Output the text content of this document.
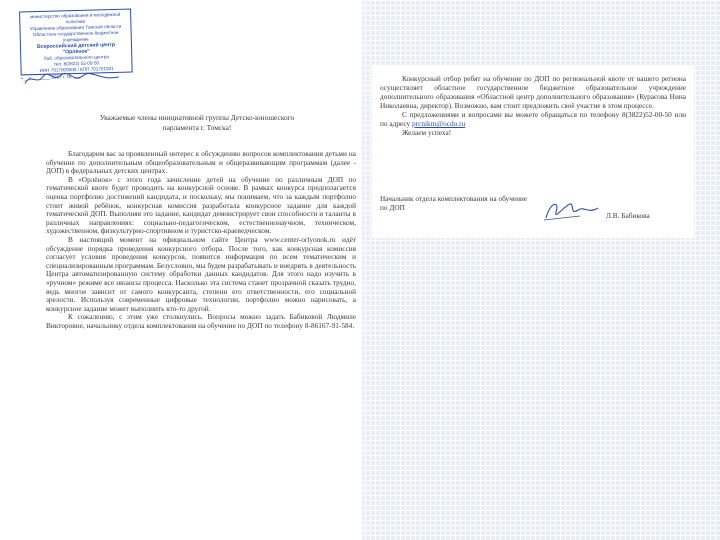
министерство образования и молодежной политики
Управление образования Томской области
Областное государственное бюджетное учреждение
Всероссийский детский центр
"Орлёнок"
Лаб. образовательного центра
тел. 8(3822) 52-00-50
ИНН 7017000000 / КПП 701701001
«__» _______ 2017 г. № ___
Уважаемые члены инициативной группы Детско-юношеского парламента г. Томска!

Благодарим вас за проявленный интерес к обсуждению вопросов комплектования детьми на обучение по дополнительным общеобразовательным и общеразвивающим программам (далее - ДОП) в федеральных детских центрах.

В «Орлёнок» с этого года зачисление детей на обучение по различным ДОП по тематической квоте будет проводить на конкурсной основе. В рамках конкурса предполагается оценка портфолио достижений кандидата, и поскольку, мы понимаем, что за каждым портфолио стоит живой ребёнок, конкурсная комиссия разработала конкурсное задание для каждой тематической ДОП. Выполняя это задание, кандидат демонстрирует свои способности и таланты в различных направлениях: социально-педагогическом, естественнонаучном, техническом, художественном, физкультурно-спортивном и туристско-краеведческом.

В настоящий момент на официальном сайте Центра www.center-orlyonok.ru идёт обсуждение порядка проведения конкурсного отбора. После того, как конкурсная комиссия согласует условия проведения конкурсов, появится информация по всем тематическим и специализированным программам. Безусловно, мы будем разрабатывать и внедрять в деятельность Центра автоматизированную систему обработки данных кандидатов. Для этого надо изучить в «ручном» режиме все нюансы процесса. Насколько эта система станет прозрачной сказать трудно, ведь многое зависит от самого конкурсанта, степени его ответственности, его социальной зрелости. Используя современные цифровые технологии, портфолио можно нарисовать, а конкурсное задание может выполнить кто-то другой.

К сожалению, с этим уже столкнулись. Вопросы можно задать Бабиковой Людмиле Викторовне, начальнику отдела комплектования на обучение по ДОП по телефону 8-86167-91-584.

Конкурсный отбор ребят на обучение по ДОП по региональной квоте от вашего региона осуществляет областное государственное бюджетное образовательное учреждение дополнительного образования «Областной центр дополнительного образования» (Кураєова Нина Николаевна, директор). Возможно, вам стоит предложить своё участие в этом процессе.

С предложениями и вопросами вы можете обращаться по телефону 8(3822)52-00-50 или по адресу prcnikm@ocdo.ru

Желаем успеха!

Начальник отдела комплектования на обучение по ДОП
Л.В. Бабикова
